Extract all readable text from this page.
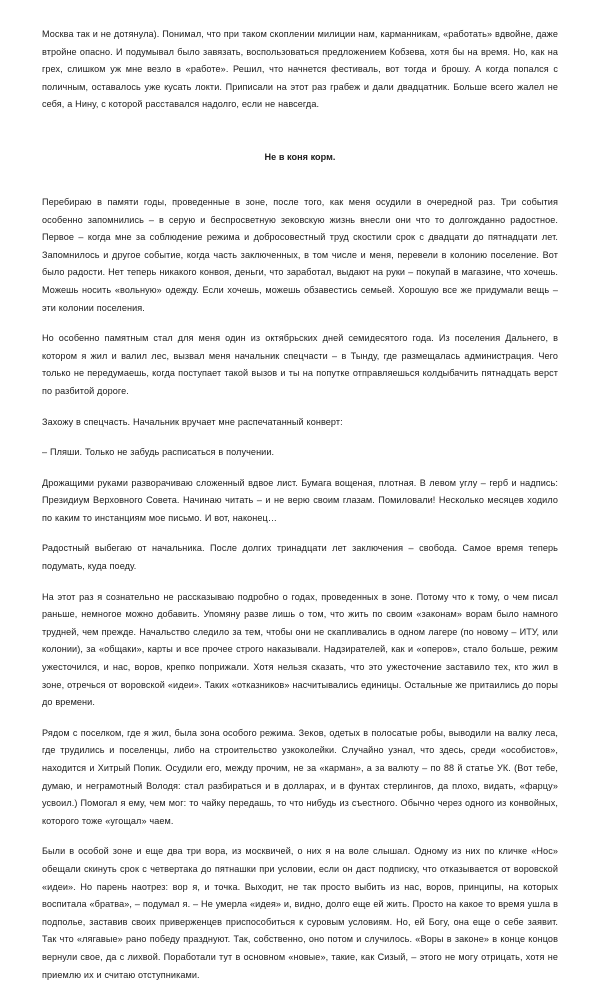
Москва так и не дотянула). Понимал, что при таком скоплении милиции нам, карманникам, «работать» вдвойне, даже втройне опасно. И подумывал было завязать, воспользоваться предложением Кобзева, хотя бы на время. Но, как на грех, слишком уж мне везло в «работе». Решил, что начнется фестиваль, вот тогда и брошу. А когда попался с поличным, оставалось уже кусать локти. Приписали на этот раз грабеж и дали двадцатник. Больше всего жалел не себя, а Нину, с которой расставался надолго, если не навсегда.

Не в коня корм.

Перебираю в памяти годы, проведенные в зоне, после того, как меня осудили в очередной раз. Три события особенно запомнились – в серую и беспросветную зековскую жизнь внесли они что то долгожданно радостное. Первое – когда мне за соблюдение режима и добросовестный труд скостили срок с двадцати до пятнадцати лет. Запомнилось и другое событие, когда часть заключенных, в том числе и меня, перевели в колонию поселение. Вот было радости. Нет теперь никакого конвоя, деньги, что заработал, выдают на руки – покупай в магазине, что хочешь. Можешь носить «вольную» одежду. Если хочешь, можешь обзавестись семьей. Хорошую все же придумали вещь – эти колонии поселения.

Но особенно памятным стал для меня один из октябрьских дней семидесятого года. Из поселения Дальнего, в котором я жил и валил лес, вызвал меня начальник спецчасти – в Тынду, где размещалась администрация. Чего только не передумаешь, когда поступает такой вызов и ты на попутке отправляешься колдыбачить пятнадцать верст по разбитой дороге.

Захожу в спецчасть. Начальник вручает мне распечатанный конверт:

– Пляши. Только не забудь расписаться в получении.

Дрожащими руками разворачиваю сложенный вдвое лист. Бумага вощеная, плотная. В левом углу – герб и надпись: Президиум Верховного Совета. Начинаю читать – и не верю своим глазам. Помиловали! Несколько месяцев ходило по каким то инстанциям мое письмо. И вот, наконец…

Радостный выбегаю от начальника. После долгих тринадцати лет заключения – свобода. Самое время теперь подумать, куда поеду.

На этот раз я сознательно не рассказываю подробно о годах, проведенных в зоне. Потому что к тому, о чем писал раньше, немногое можно добавить. Упомяну разве лишь о том, что жить по своим «законам» ворам было намного трудней, чем прежде. Начальство следило за тем, чтобы они не скапливались в одном лагере (по новому – ИТУ, или колонии), за «общаки», карты и все прочее строго наказывали. Надзирателей, как и «оперов», стало больше, режим ужесточился, и нас, воров, крепко поприжали. Хотя нельзя сказать, что это ужесточение заставило тех, кто жил в зоне, отречься от воровской «идеи». Таких «отказников» насчитывались единицы. Остальные же притаились до поры до времени.

Рядом с поселком, где я жил, была зона особого режима. Зеков, одетых в полосатые робы, выводили на валку леса, где трудились и поселенцы, либо на строительство узкоколейки. Случайно узнал, что здесь, среди «особистов», находится и Хитрый Попик. Осудили его, между прочим, не за «карман», а за валюту – по 88 й статье УК. (Вот тебе, думаю, и неграмотный Володя: стал разбираться и в долларах, и в фунтах стерлингов, да плохо, видать, «фарцу» усвоил.) Помогал я ему, чем мог: то чайку передашь, то что нибудь из съестного. Обычно через одного из конвойных, которого тоже «угощал» чаем.

Были в особой зоне и еще два три вора, из москвичей, о них я на воле слышал. Одному из них по кличке «Нос» обещали скинуть срок с четвертака до пятнашки при условии, если он даст подписку, что отказывается от воровской «идеи». Но парень наотрез: вор я, и точка. Выходит, не так просто выбить из нас, воров, принципы, на которых воспитала «братва», – подумал я. – Не умерла «идея» и, видно, долго еще ей жить. Просто на какое то время ушла в подполье, заставив своих приверженцев приспособиться к суровым условиям. Но, ей Богу, она еще о себе заявит. Так что «лягавые» рано победу празднуют. Так, собственно, оно потом и случилось. «Воры в законе» в конце концов вернули свое, да с лихвой. Поработали тут в основном «новые», такие, как Сизый, – этого не могу отрицать, хотя не приемлю их и считаю отступниками.
